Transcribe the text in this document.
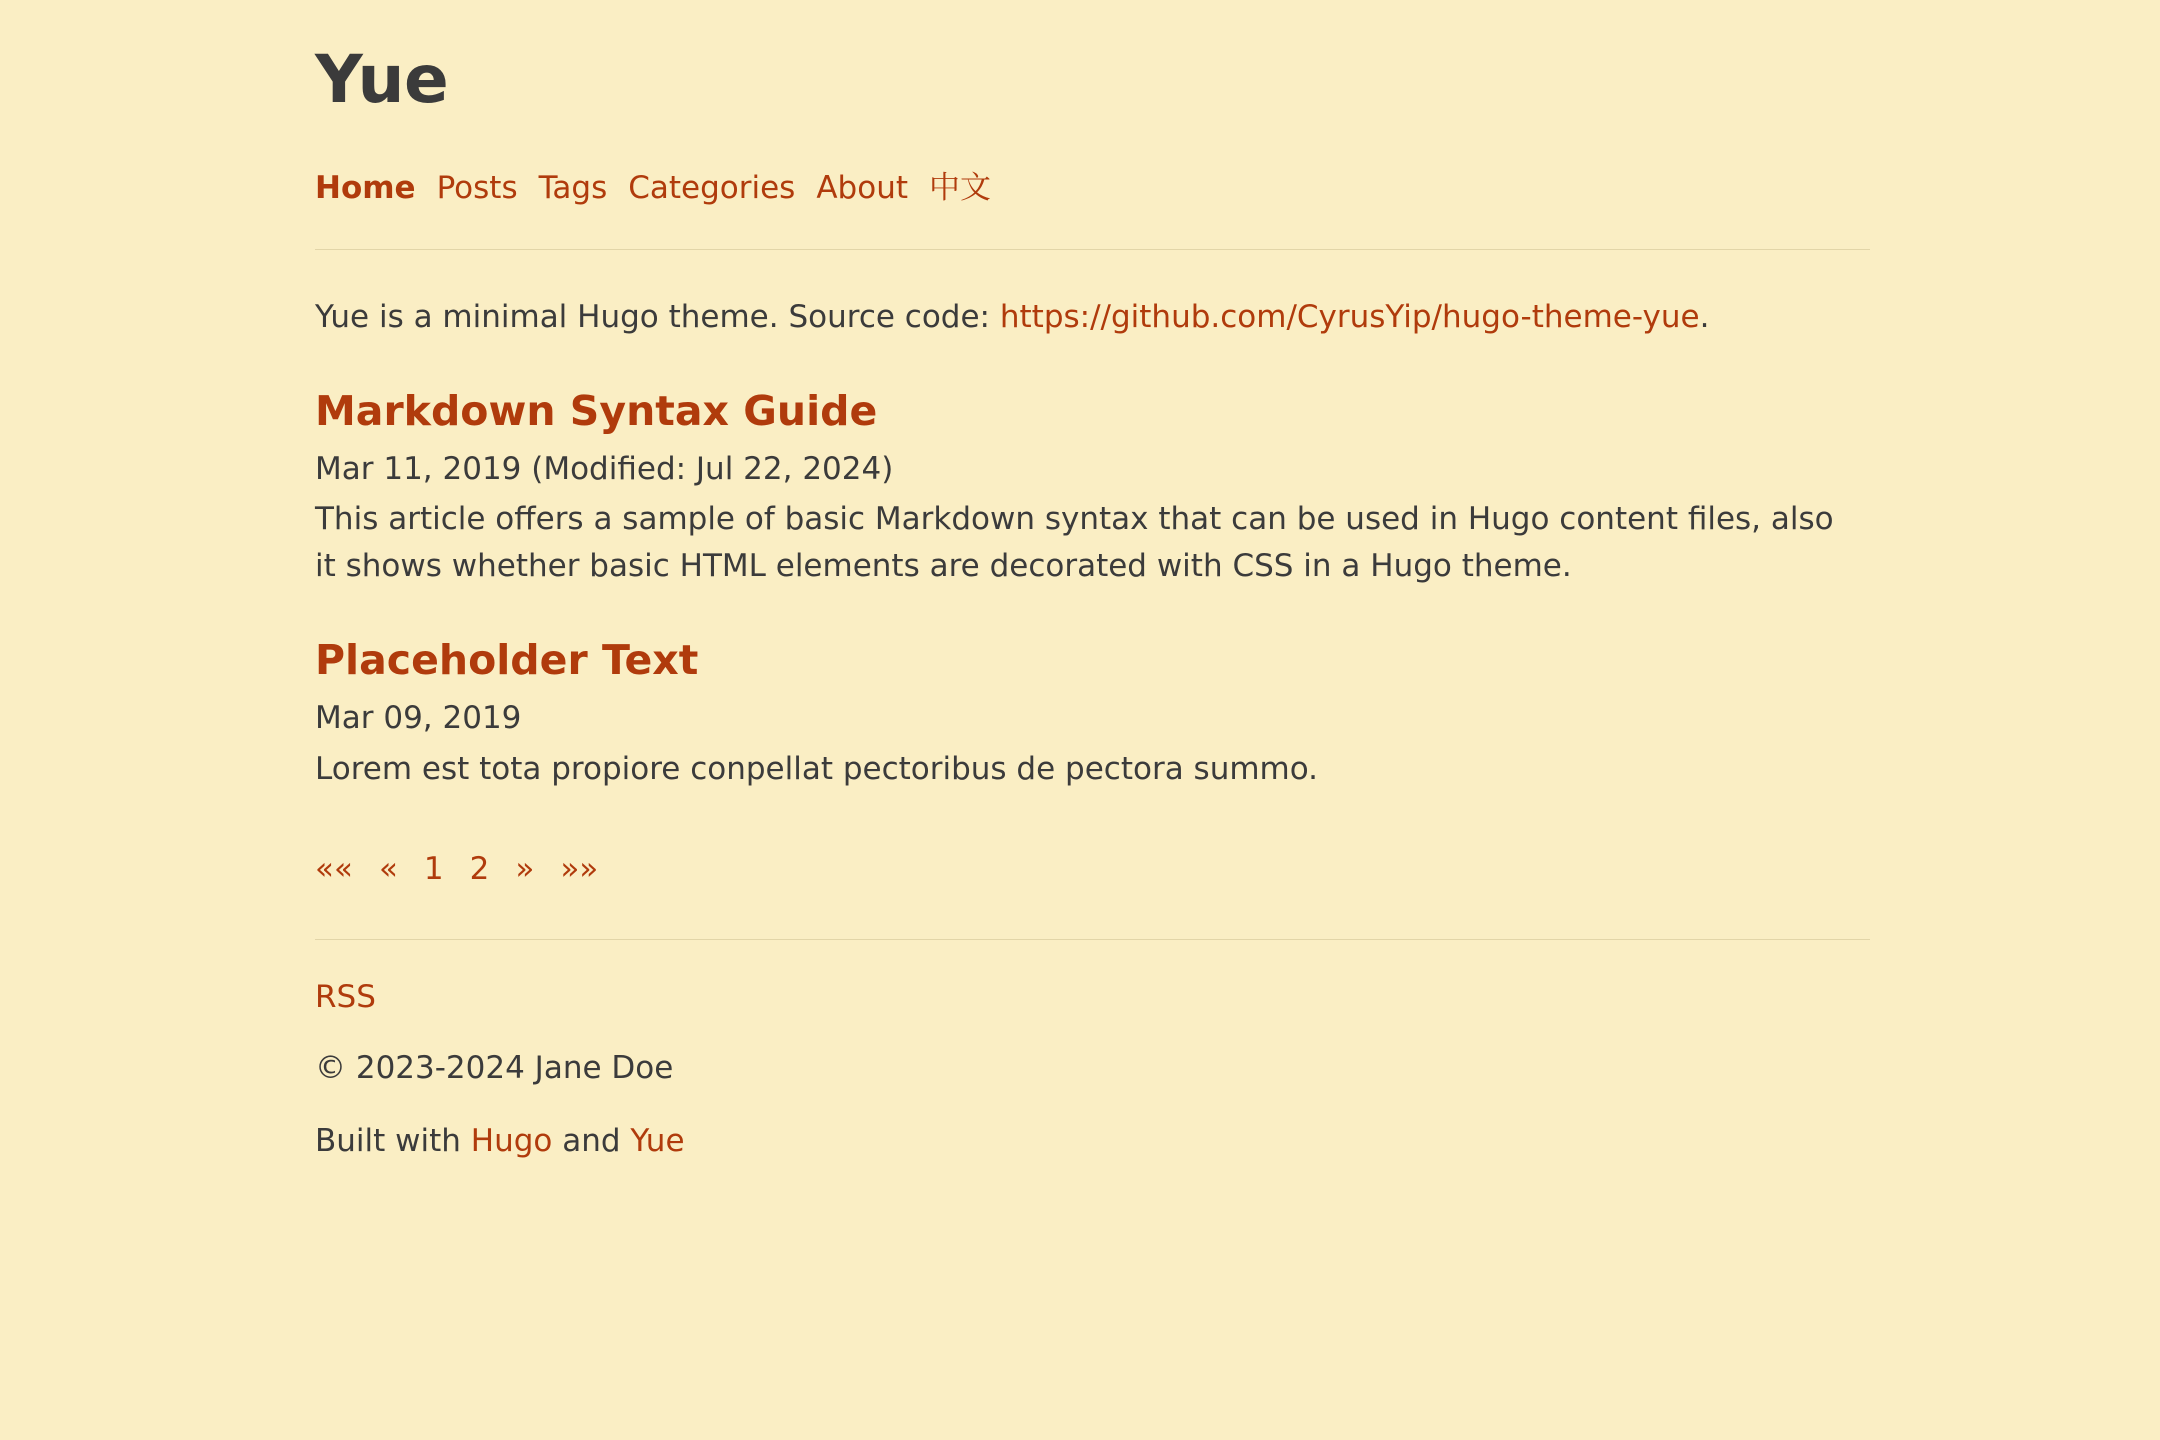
Yue
Home Posts Tags Categories About 中文

Yue is a minimal Hugo theme. Source code: https://github.com/CyrusYip/hugo-theme-yue.

Markdown Syntax Guide
Mar 11, 2019 (Modified: Jul 22, 2024)
This article offers a sample of basic Markdown syntax that can be used in Hugo content files, also it shows whether basic HTML elements are decorated with CSS in a Hugo theme.
Placeholder Text
Mar 09, 2019
Lorem est tota propiore conpellat pectoribus de pectora summo.
«« « 1 2 » »»
RSS
© 2023-2024 Jane Doe
Built with Hugo and Yue
